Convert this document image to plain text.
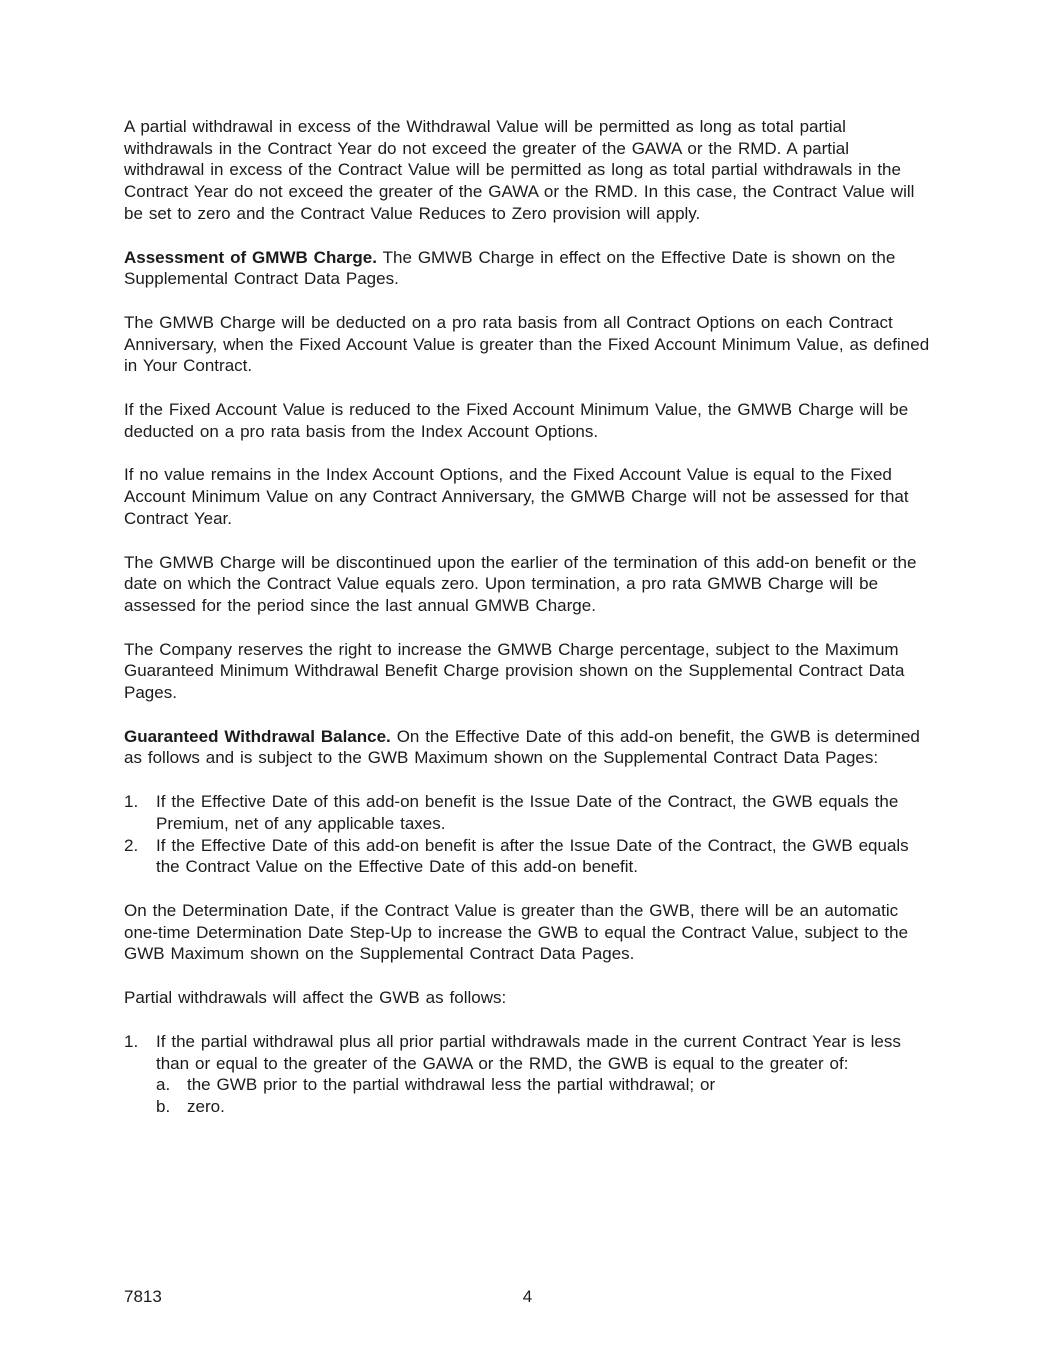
A partial withdrawal in excess of the Withdrawal Value will be permitted as long as total partial withdrawals in the Contract Year do not exceed the greater of the GAWA or the RMD. A partial withdrawal in excess of the Contract Value will be permitted as long as total partial withdrawals in the Contract Year do not exceed the greater of the GAWA or the RMD. In this case, the Contract Value will be set to zero and the Contract Value Reduces to Zero provision will apply.

Assessment of GMWB Charge. The GMWB Charge in effect on the Effective Date is shown on the Supplemental Contract Data Pages.

The GMWB Charge will be deducted on a pro rata basis from all Contract Options on each Contract Anniversary, when the Fixed Account Value is greater than the Fixed Account Minimum Value, as defined in Your Contract.

If the Fixed Account Value is reduced to the Fixed Account Minimum Value, the GMWB Charge will be deducted on a pro rata basis from the Index Account Options.

If no value remains in the Index Account Options, and the Fixed Account Value is equal to the Fixed Account Minimum Value on any Contract Anniversary, the GMWB Charge will not be assessed for that Contract Year.

The GMWB Charge will be discontinued upon the earlier of the termination of this add-on benefit or the date on which the Contract Value equals zero. Upon termination, a pro rata GMWB Charge will be assessed for the period since the last annual GMWB Charge.

The Company reserves the right to increase the GMWB Charge percentage, subject to the Maximum Guaranteed Minimum Withdrawal Benefit Charge provision shown on the Supplemental Contract Data Pages.

Guaranteed Withdrawal Balance. On the Effective Date of this add-on benefit, the GWB is determined as follows and is subject to the GWB Maximum shown on the Supplemental Contract Data Pages:

1.	If the Effective Date of this add-on benefit is the Issue Date of the Contract, the GWB equals the Premium, net of any applicable taxes.
2.	If the Effective Date of this add-on benefit is after the Issue Date of the Contract, the GWB equals the Contract Value on the Effective Date of this add-on benefit.

On the Determination Date, if the Contract Value is greater than the GWB, there will be an automatic one-time Determination Date Step-Up to increase the GWB to equal the Contract Value, subject to the GWB Maximum shown on the Supplemental Contract Data Pages.

Partial withdrawals will affect the GWB as follows:

1.	If the partial withdrawal plus all prior partial withdrawals made in the current Contract Year is less than or equal to the greater of the GAWA or the RMD, the GWB is equal to the greater of:
a. the GWB prior to the partial withdrawal less the partial withdrawal; or
b. zero.
7813	4
